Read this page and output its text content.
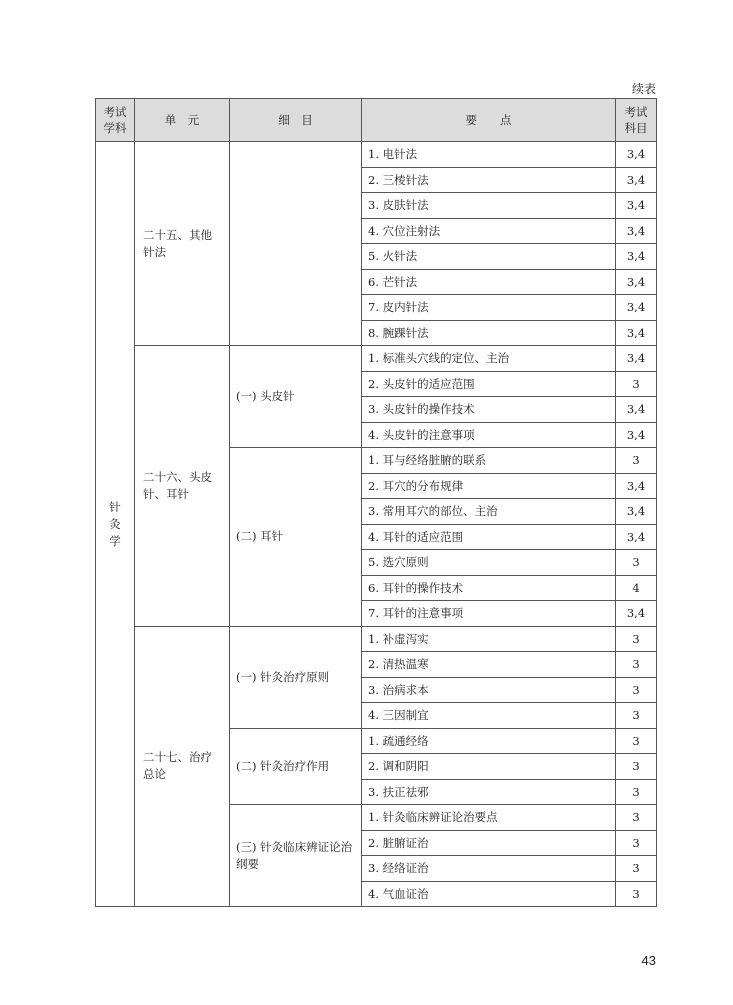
续表
考试学科	单　元	细　目	要　　点	考试科目
针灸学	二十五、其他针法		1. 电针法	3,4
			2. 三棱针法	3,4
			3. 皮肤针法	3,4
			4. 穴位注射法	3,4
			5. 火针法	3,4
			6. 芒针法	3,4
			7. 皮内针法	3,4
			8. 腕踝针法	3,4
	二十六、头皮针、耳针	(一) 头皮针	1. 标准头穴线的定位、主治	3,4
			2. 头皮针的适应范围	3
			3. 头皮针的操作技术	3,4
			4. 头皮针的注意事项	3,4
		(二) 耳针	1. 耳与经络脏腑的联系	3
			2. 耳穴的分布规律	3,4
			3. 常用耳穴的部位、主治	3,4
			4. 耳针的适应范围	3,4
			5. 选穴原则	3
			6. 耳针的操作技术	4
			7. 耳针的注意事项	3,4
	二十七、治疗总论	(一) 针灸治疗原则	1. 补虚泻实	3
			2. 清热温寒	3
			3. 治病求本	3
			4. 三因制宜	3
		(二) 针灸治疗作用	1. 疏通经络	3
			2. 调和阴阳	3
			3. 扶正祛邪	3
		(三) 针灸临床辨证论治纲要	1. 针灸临床辨证论治要点	3
			2. 脏腑证治	3
			3. 经络证治	3
			4. 气血证治	3
43
